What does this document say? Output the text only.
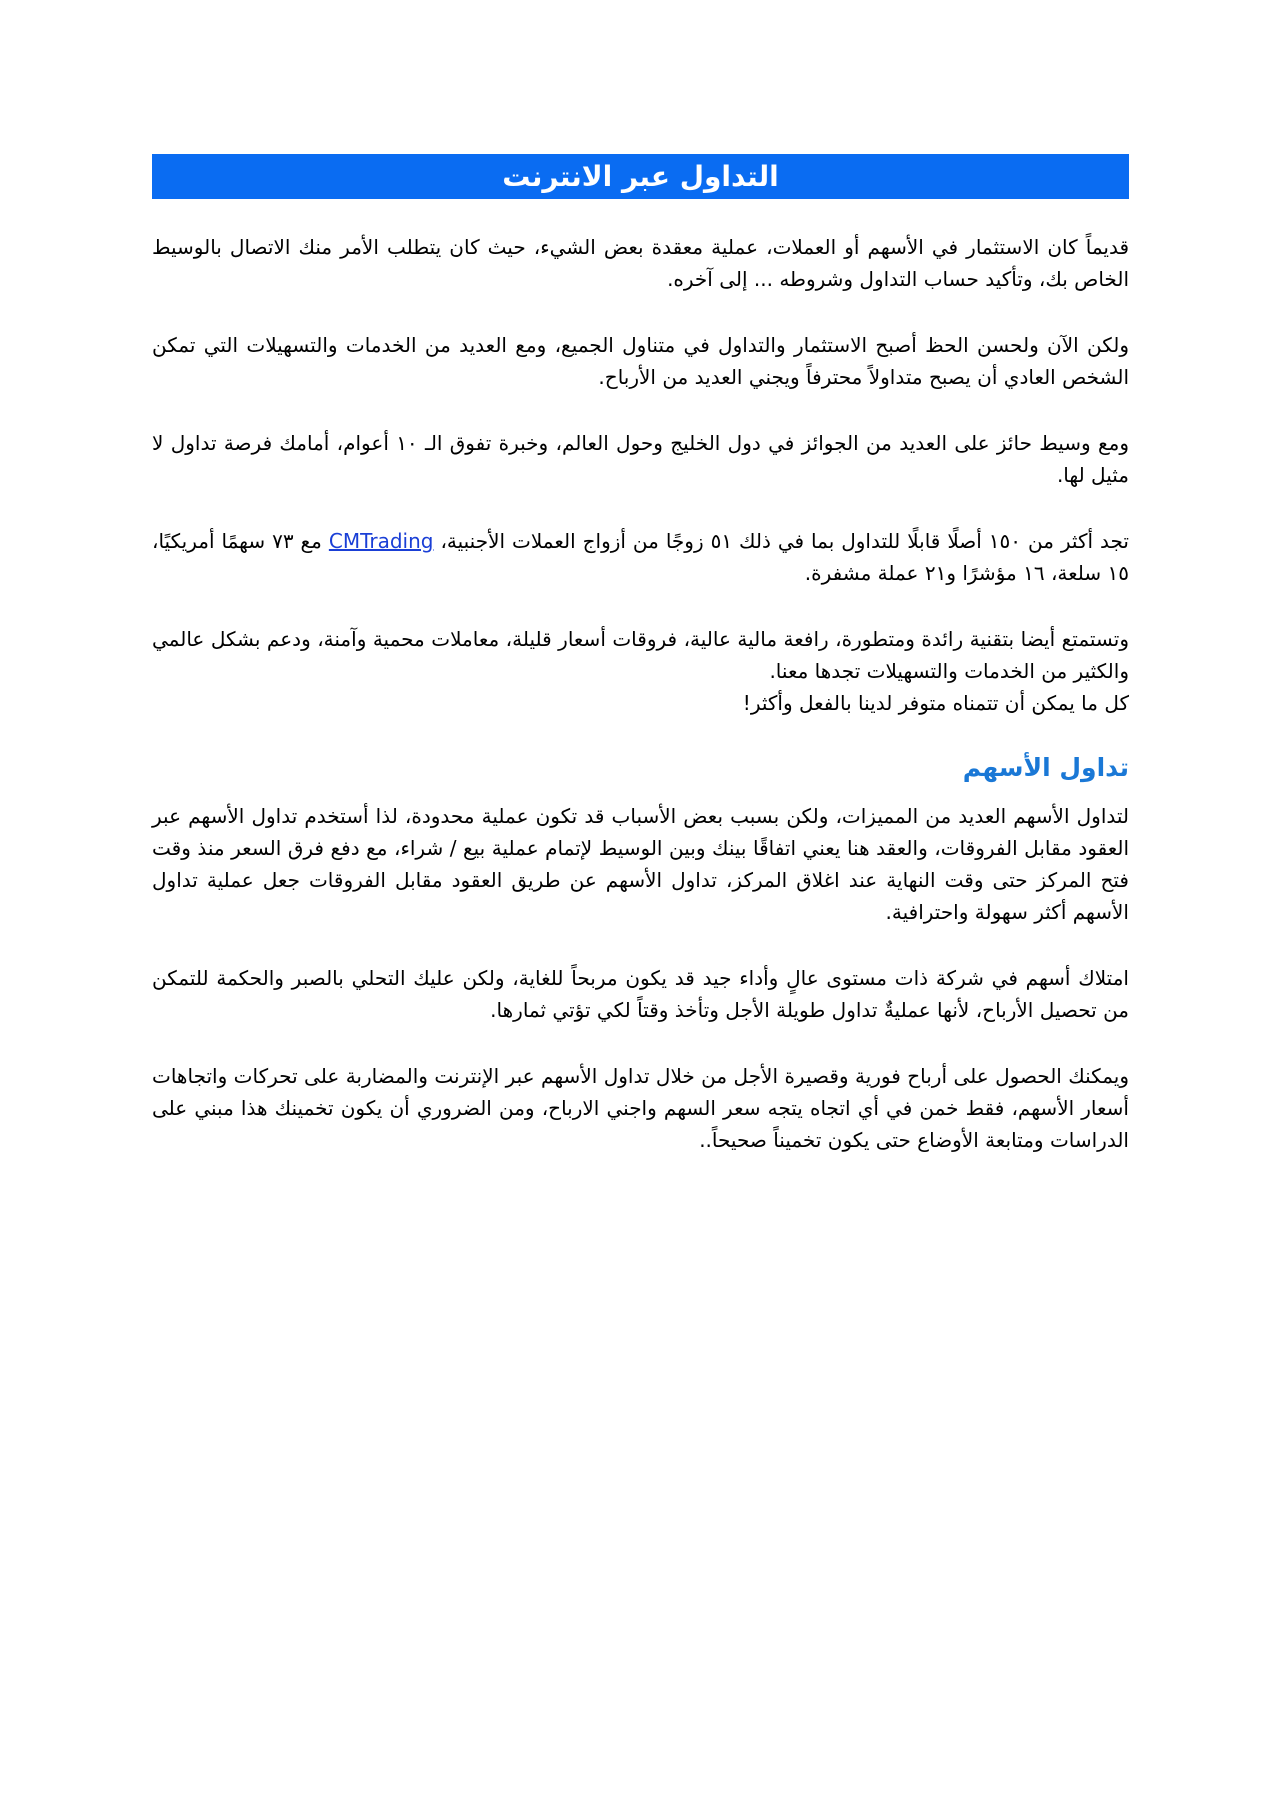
التداول عبر الانترنت

قديماً كان الاستثمار في الأسهم أو العملات، عملية معقدة بعض الشيء، حيث كان يتطلب الأمر منك الاتصال بالوسيط الخاص بك، وتأكيد حساب التداول وشروطه ... إلى آخره.

ولكن الآن ولحسن الحظ أصبح الاستثمار والتداول في متناول الجميع، ومع العديد من الخدمات والتسهيلات التي تمكن الشخص العادي أن يصبح متداولاً محترفاً ويجني العديد من الأرباح.

ومع وسيط حائز على العديد من الجوائز في دول الخليج وحول العالم، وخبرة تفوق الـ ١٠ أعوام، أمامك فرصة تداول لا مثيل لها.

تجد أكثر من ١٥٠ أصلًا قابلًا للتداول بما في ذلك ٥١ زوجًا من أزواج العملات الأجنبية، CMTrading مع ٧٣ سهمًا أمريكيًا، ١٥ سلعة، ١٦ مؤشرًا و٢١ عملة مشفرة.

وتستمتع أيضا بتقنية رائدة ومتطورة، رافعة مالية عالية، فروقات أسعار قليلة، معاملات محمية وآمنة، ودعم بشكل عالمي والكثير من الخدمات والتسهيلات تجدها معنا.
كل ما يمكن أن تتمناه متوفر لدينا بالفعل وأكثر!

تداول الأسهم

لتداول الأسهم العديد من المميزات، ولكن بسبب بعض الأسباب قد تكون عملية محدودة، لذا أستخدم تداول الأسهم عبر العقود مقابل الفروقات، والعقد هنا يعني اتفاقًا بينك وبين الوسيط لإتمام عملية بيع / شراء، مع دفع فرق السعر منذ وقت فتح المركز حتى وقت النهاية عند اغلاق المركز، تداول الأسهم عن طريق العقود مقابل الفروقات جعل عملية تداول الأسهم أكثر سهولة واحترافية.

امتلاك أسهم في شركة ذات مستوى عالٍ وأداء جيد قد يكون مربحاً للغاية، ولكن عليك التحلي بالصبر والحكمة للتمكن من تحصيل الأرباح، لأنها عمليةٌ تداول طويلة الأجل وتأخذ وقتاً لكي تؤتي ثمارها.

ويمكنك الحصول على أرباح فورية وقصيرة الأجل من خلال تداول الأسهم عبر الإنترنت والمضاربة على تحركات واتجاهات أسعار الأسهم، فقط خمن في أي اتجاه يتجه سعر السهم واجني الارباح، ومن الضروري أن يكون تخمينك هذا مبني على الدراسات ومتابعة الأوضاع حتى يكون تخميناً صحيحاً..
